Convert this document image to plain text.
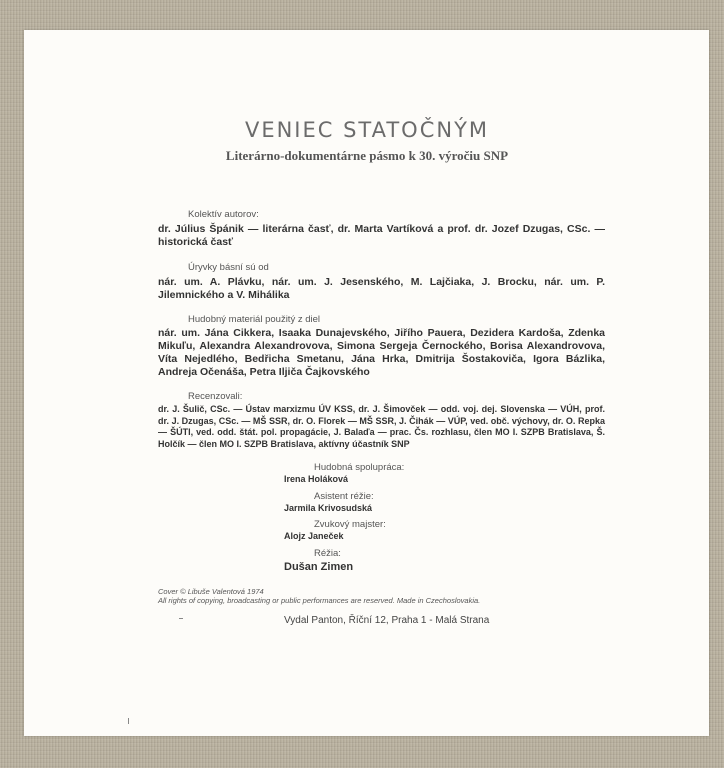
VENIEC STATOČNÝM
Literárno-dokumentárne pásmo k 30. výročiu SNP
Kolektív autorov:
dr. Július Špánik — literárna časť, dr. Marta Vartíková a prof. dr. Jozef Dzugas, CSc. — historická časť
Úryvky básní sú od
nár. um. A. Plávku, nár. um. J. Jesenského, M. Lajčiaka, J. Brocku, nár. um. P. Jilemnického a V. Mihálika
Hudobný materiál použitý z diel
nár. um. Jána Cikkera, Isaaka Dunajevského, Jiřího Pauera, Dezidera Kardoša, Zdenka Mikuľu, Alexandra Alexandrovova, Simona Sergeja Černockého, Borisa Alexandrovova, Víta Nejedlého, Bedřicha Smetanu, Jána Hrka, Dmitrija Šostakoviča, Igora Bázlika, Andreja Očenáša, Petra Iljiča Čajkovského
Recenzovali:
dr. J. Šulič, CSc. — Ústav marxizmu ÚV KSS, dr. J. Šimovček — odd. voj. dej. Slovenska — VÚH, prof. dr. J. Dzugas, CSc. — MŠ SSR, dr. O. Florek — MŠ SSR, J. Čihák — VÚP, ved. obč. výchovy, dr. O. Repka — ŠÚTI, ved. odd. štát. pol. propagácie, J. Balaďa — prac. Čs. rozhlasu, člen MO I. SZPB Bratislava, Š. Holčík — člen MO I. SZPB Bratislava, aktívny účastník SNP
Hudobná spolupráca:
Irena Holáková
Asistent réžie:
Jarmila Krivosudská
Zvukový majster:
Alojz Janeček
Réžia:
Dušan Zimen
Cover © Libuše Valentová 1974
All rights of copying, broadcasting or public performances are reserved. Made in Czechoslovakia.
Vydal Panton, Říční 12, Praha 1 - Malá Strana
